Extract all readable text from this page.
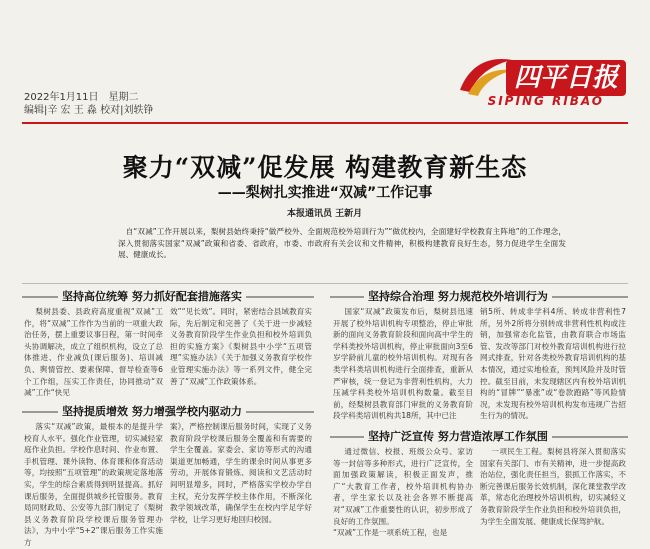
2022年1月11日　星期二
编辑|辛 宏 王 淼 校对|刘轶铮
四平日报
SIPING RIBAO
聚力“双减”促发展 构建教育新生态
——梨树扎实推进“双减”工作记事
本报通讯员 王新月
自“双减”工作开展以来，梨树县始终秉持“做严校外、全面规范校外培训行为”“做优校内，全面建好学校教育主阵地”的工作理念，深入贯彻落实国家“双减”政策和省委、省政府，市委、市政府有关会议和文件精神，积极构建教育良好生态，努力促进学生全面发展、健康成长。
坚持高位统筹 努力抓好配套措施落实
梨树县委、县政府高度重视“双减”工作，将“双减”工作作为当前的一项重大政治任务，摆上重要议事日程，第一时间牵头协调解决，成立了组织机构，设立了总体推进、作业减负(课后服务)、培训减负、舆情管控、要素保障、督导检查等6个工作组，压实工作责任，协同推动“双减”工作“快见
效”“见长效”。同时，紧密结合县域教育实际，先后制定和完善了《关于进一步减轻义务教育阶段学生作业负担和校外培训负担的实施方案》《梨树县中小学“五项管理”实施办法》《关于加强义务教育学校作业管理实施办法》等一系列文件，健全完善了“双减”工作政策体系。
坚持提质增效 努力增强学校内驱动力
落实“双减”政策，最根本的是提升学校育人水平。强化作业管理，切实减轻家庭作业负担。学校作息时间、作业布置、手机管理、课外读物、体育课和体育活动等，均按照“五项管理”的政策规定落地落实，学生的综合素质得到明显提高。抓好课后服务，全面提供城乡托管服务。教育局同财政局、公安等九部门制定了《梨树县义务教育阶段学校课后服务管理办法》，为中小学“5+2”课后服务工作实施方
案》，严格控制课后服务时间，实现了义务教育阶段学校课后服务全覆盖和有需要的学生全覆盖。家委会、家访等形式的沟通渠道更加畅通，学生的课余时间从事更多劳动，开展体育锻炼、阅读和文艺活动时间明显增多，同时，严格落实学校办学自主权，充分发挥学校主体作用，不断深化教学领域改革，确保学生在校内学足学好学校，让学习更好地回归校园。
坚持综合治理 努力规范校外培训行为
国家“双减”政策发布后，梨树县迅速开展了校外培训机构专项整治，停止审批新的面向义务教育阶段和面向高中学生的学科类校外培训机构，停止审批面向3至6岁学龄前儿童的校外培训机构。对现有各类学科类培训机构进行全面排查，重新从严审核，统一登记为非营利性机构，大力压减学科类校外培训机构数量。截至目前，经梨树县教育部门审批的义务教育阶段学科类培训机构共18所，其中已注
销5所、转成非学科4所、转成非营利性7所，另外2所将分别转成非营利性机构或注销，加强常态化监管，由教育联合市场监管、发改等部门对校外教育培训机构进行拉网式排查，针对各类校外教育培训机构的基本情况，通过实地检查，预判风险并及时管控。截至目前，未发现辖区内有校外培训机构的“冒牌”“暴涨”或“卷款跑路”等风险情况，未发现有校外培训机构发布违规广告招生行为的情况。
坚持广泛宣传 努力营造浓厚工作氛围
通过微信、校报、班级公众号、家访等一封信等多种形式，进行广泛宣传，全面加强政策解读，积极正面发声，推广“大教育工作者，校外培训机构协办者，学生家长以及社会各界不断提高对“双减”工作重要性的认识，初步形成了良好的工作氛围。
“双减”工作是一项系统工程，也是
一项民生工程。梨树县将深入贯彻落实国家有关部门、市有关精神，进一步提高政治站位，强化责任担当，狠抓工作落实，不断完善课后服务长效机制，深化课堂教学改革，常态化治理校外培训机构，切实减轻义务教育阶段学生作业负担和校外培训负担，为学生全面发展、健康成长保驾护航。
